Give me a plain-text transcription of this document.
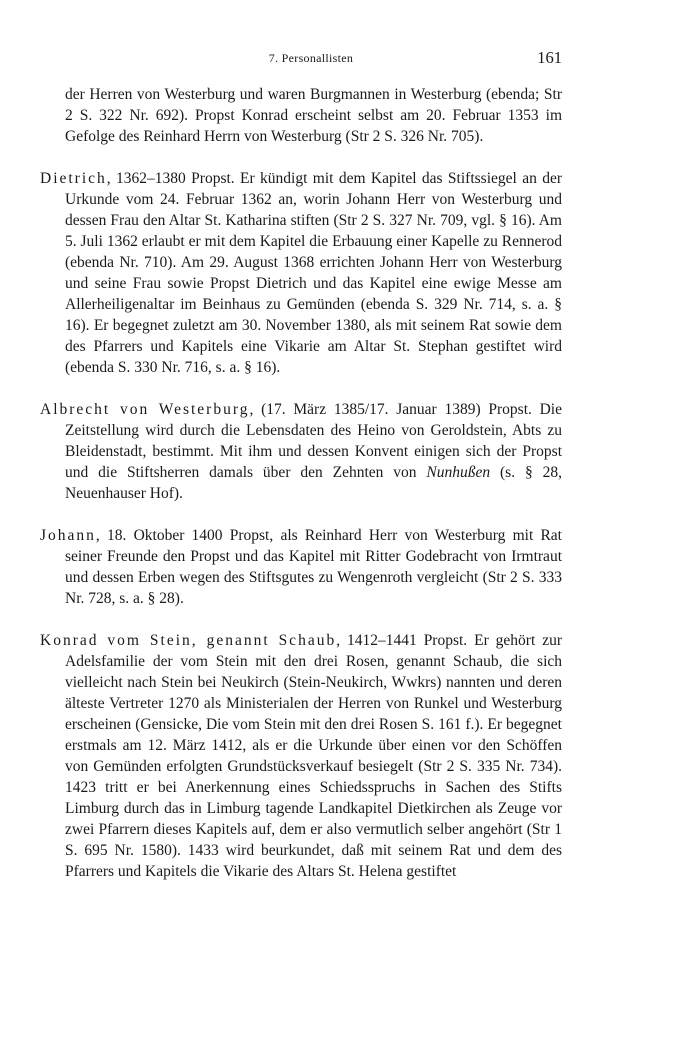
7. Personallisten	161

der Herren von Westerburg und waren Burgmannen in Westerburg (ebenda; Str 2 S. 322 Nr. 692). Propst Konrad erscheint selbst am 20. Februar 1353 im Gefolge des Reinhard Herrn von Westerburg (Str 2 S. 326 Nr. 705).

Dietrich, 1362–1380 Propst. Er kündigt mit dem Kapitel das Stiftssiegel an der Urkunde vom 24. Februar 1362 an, worin Johann Herr von Westerburg und dessen Frau den Altar St. Katharina stiften (Str 2 S. 327 Nr. 709, vgl. § 16). Am 5. Juli 1362 erlaubt er mit dem Kapitel die Erbauung einer Kapelle zu Rennerod (ebenda Nr. 710). Am 29. August 1368 errichten Johann Herr von Westerburg und seine Frau sowie Propst Dietrich und das Kapitel eine ewige Messe am Allerheiligenaltar im Beinhaus zu Gemünden (ebenda S. 329 Nr. 714, s. a. § 16). Er begegnet zuletzt am 30. November 1380, als mit seinem Rat sowie dem des Pfarrers und Kapitels eine Vikarie am Altar St. Stephan gestiftet wird (ebenda S. 330 Nr. 716, s. a. § 16).

Albrecht von Westerburg, (17. März 1385/17. Januar 1389) Propst. Die Zeitstellung wird durch die Lebensdaten des Heino von Geroldstein, Abts zu Bleidenstadt, bestimmt. Mit ihm und dessen Konvent einigen sich der Propst und die Stiftsherren damals über den Zehnten von Nunhußen (s. § 28, Neuenhauser Hof).

Johann, 18. Oktober 1400 Propst, als Reinhard Herr von Westerburg mit Rat seiner Freunde den Propst und das Kapitel mit Ritter Godebracht von Irmtraut und dessen Erben wegen des Stiftsgutes zu Wengenroth vergleicht (Str 2 S. 333 Nr. 728, s. a. § 28).

Konrad vom Stein, genannt Schaub, 1412–1441 Propst. Er gehört zur Adelsfamilie der vom Stein mit den drei Rosen, genannt Schaub, die sich vielleicht nach Stein bei Neukirch (Stein-Neukirch, Wwkrs) nannten und deren älteste Vertreter 1270 als Ministerialen der Herren von Runkel und Westerburg erscheinen (Gensicke, Die vom Stein mit den drei Rosen S. 161 f.). Er begegnet erstmals am 12. März 1412, als er die Urkunde über einen vor den Schöffen von Gemünden erfolgten Grundstücksverkauf besiegelt (Str 2 S. 335 Nr. 734). 1423 tritt er bei Anerkennung eines Schiedsspruchs in Sachen des Stifts Limburg durch das in Limburg tagende Landkapitel Dietkirchen als Zeuge vor zwei Pfarrern dieses Kapitels auf, dem er also vermutlich selber angehört (Str 1 S. 695 Nr. 1580). 1433 wird beurkundet, daß mit seinem Rat und dem des Pfarrers und Kapitels die Vikarie des Altars St. Helena gestiftet
